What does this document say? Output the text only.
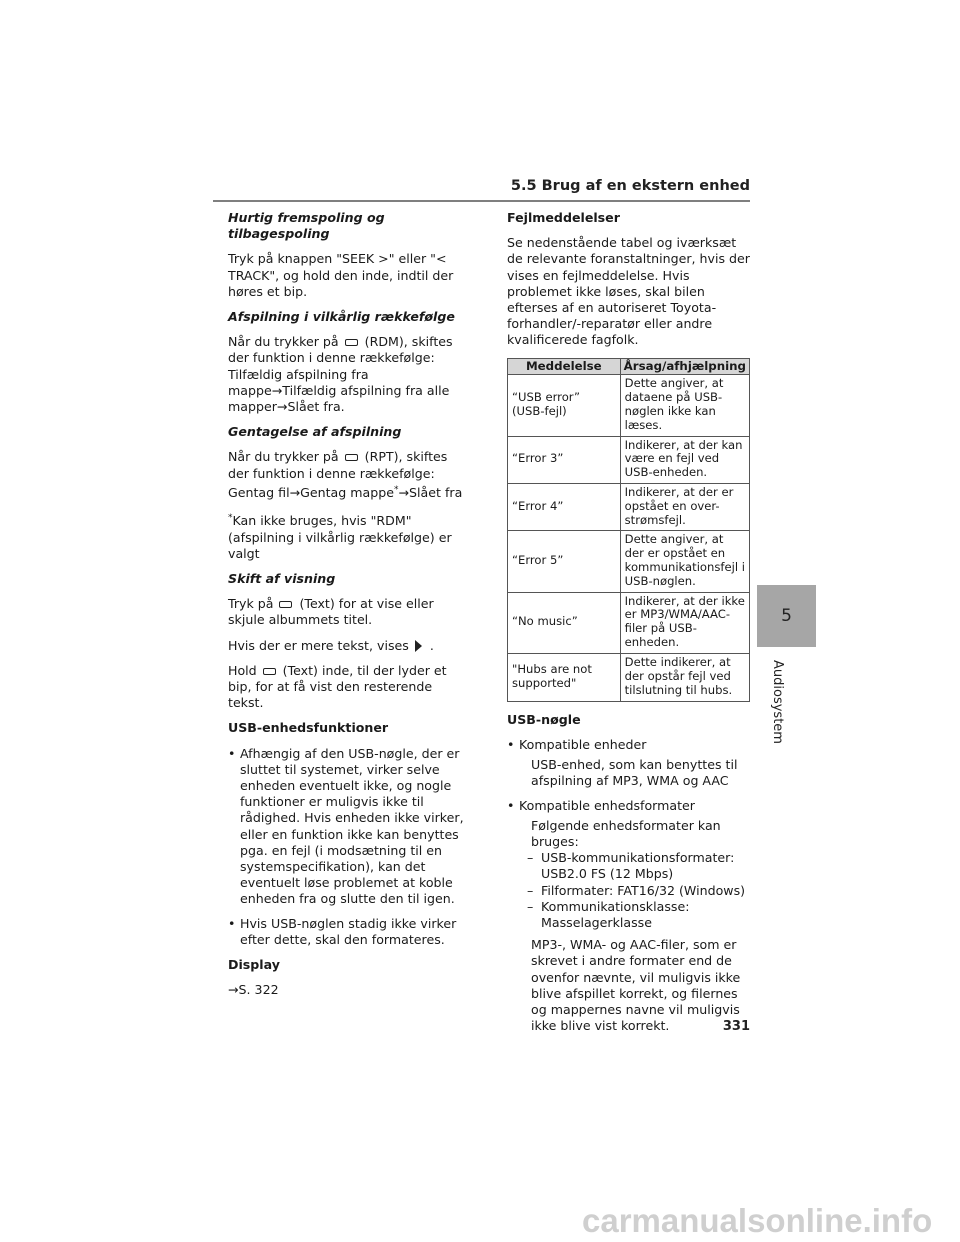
5.5 Brug af en ekstern enhed
Hurtig fremspoling og tilbagespoling

Tryk på knappen "SEEK >" eller "< TRACK", og hold den inde, indtil der høres et bip.

Afspilning i vilkårlig rækkefølge

Når du trykker på (RDM), skiftes der funktion i denne rækkefølge: Tilfældig afspilning fra mappe→Tilfældig afspilning fra alle mapper→Slået fra.

Gentagelse af afspilning

Når du trykker på (RPT), skiftes der funktion i denne rækkefølge: Gentag fil→Gentag mappe*→Slået fra

*Kan ikke bruges, hvis "RDM" (afspilning i vilkårlig rækkefølge) er valgt

Skift af visning

Tryk på (Text) for at vise eller skjule albummets titel.

Hvis der er mere tekst, vises .

Hold (Text) inde, til der lyder et bip, for at få vist den resterende tekst.

USB-enhedsfunktioner
• Afhængig af den USB-nøgle, der er sluttet til systemet, virker selve enheden eventuelt ikke, og nogle funktioner er muligvis ikke til rådighed. Hvis enheden ikke virker, eller en funktion ikke kan benyttes pga. en fejl (i modsætning til en systemspecifikation), kan det eventuelt løse problemet at koble enheden fra og slutte den til igen.
• Hvis USB-nøglen stadig ikke virker efter dette, skal den formateres.
Display

→S. 322

Fejlmeddelelser

Se nedenstående tabel og iværksæt de relevante foranstaltninger, hvis der vises en fejlmeddelelse. Hvis problemet ikke løses, skal bilen efterses af en autoriseret Toyota-forhandler/-reparatør eller andre kvalificerede fagfolk.

Meddelelse	Årsag/afhjælpning
“USB error”
(USB-fejl)	Dette angiver, at dataene på USB-nøglen ikke kan læses.
“Error 3”	Indikerer, at der kan være en fejl ved USB-enheden.
“Error 4”	Indikerer, at der er opstået en over-strømsfejl.
“Error 5”	Dette angiver, at der er opstået en kommunikationsfejl i USB-nøglen.
“No music”	Indikerer, at der ikke er MP3/WMA/AAC-filer på USB-enheden.
"Hubs are not supported"	Dette indikerer, at der opstår fejl ved tilslutning til hubs.
USB-nøgle
• Kompatible enheder
USB-enhed, som kan benyttes til afspilning af MP3, WMA og AAC
• Kompatible enhedsformater
Følgende enhedsformater kan bruges:
– USB-kommunikationsformater: USB2.0 FS (12 Mbps)
– Filformater: FAT16/32 (Windows)
– Kommunikationsklasse: Masselagerklasse
MP3-, WMA- og AAC-filer, som er skrevet i andre formater end de ovenfor nævnte, vil muligvis ikke blive afspillet korrekt, og filernes og mappernes navne vil muligvis ikke blive vist korrekt.
5
Audiosystem
331
carmanualsonline.info
